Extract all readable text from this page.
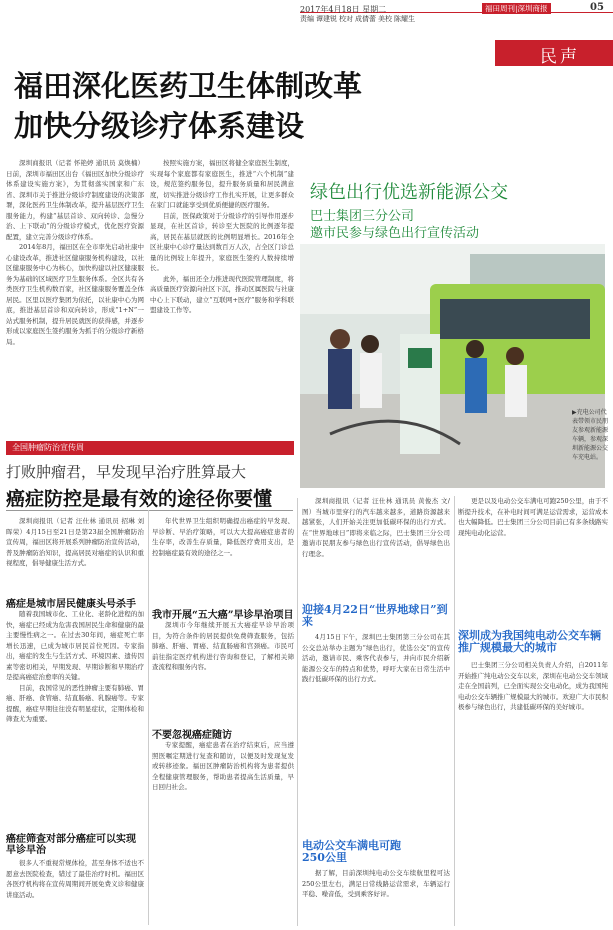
2017年4月18日 星期二
责编 谭建锐 校对 成倩蕾 美校 陈耀生
福田周刊|深圳商报	05
民声
福田深化医药卫生体制改革
加快分级诊疗体系建设

深圳商报讯（记者 怀艳婷 通讯员 莫焕楠）日前，深圳市福田区出台《福田区加快分级诊疗体系建设实施方案》，为贯彻落实国家和广东省、深圳市关于推进分级诊疗制度建设的决策部署，深化医药卫生体制改革，提升基层医疗卫生服务能力，构建“基层首诊、双向转诊、急慢分治、上下联动”的分级诊疗模式，优化医疗资源配置，建立完善分级诊疗体系。

2014年8月，福田区在全市率先启动社康中心建设改革，推进社区健康服务机构建设，以社区健康服务中心为核心，加快构建以社区健康服务为基础的区域医疗卫生服务体系。全区共有各类医疗卫生机构数百家，社区健康服务覆盖全体居民。区里以医疗集团为依托，以社康中心为网底，推进基层首诊和双向转诊，形成“1+N”一站式服务机制，提升居民就医的获得感，并逐步形成以家庭医生签约服务为抓手的分级诊疗新格局。

按照实施方案，福田区将健全家庭医生制度，实现每个家庭都有家庭医生，推进“六个机制”建设，规范签约服务包，提升服务质量和居民满意度，切实推进分级诊疗工作扎实开展，让更多群众在家门口就能享受到优质便捷的医疗服务。

目前，医保政策对于分级诊疗的引导作用逐步显现，在社区首诊，转诊至大医院的比例逐年提高，居民在基层就医的比例明显增长。2016年全区社康中心诊疗量达到数百万人次，占全区门诊总量的比例较上年提升，家庭医生签约人数持续增长。

此外，福田还全力推进现代医院管理制度，将高质量医疗资源向社区下沉，推动区属医院与社康中心上下联动，建立“互联网+医疗”服务和学科联盟建设工作等。

绿色出行优选新能源公交
巴士集团三分公司
邀市民参与绿色出行宣传活动
▶充电公司代表带领市民朋友参观新能源车辆，参观深圳新能源公交车充电站。
全国肿瘤防治宣传周
打败肿瘤君，早发现早治疗胜算最大
癌症防控是最有效的途径你要懂

深圳商报讯（记者 汪仕林 通讯员 招琳 刘晖荣）4月15日至21日是第23届全国肿瘤防治宣传周，福田区将开展系列肿瘤防治宣传活动，普及肿瘤防治知识，提高居民对癌症的认识和重视程度，倡导健康生活方式。

癌症是城市居民健康头号杀手

随着我国城市化、工业化、老龄化进程的加快，癌症已经成为危害我国居民生命和健康的最主要慢性病之一。在过去30年间，癌症死亡率增长迅速，已成为城市居民首位死因。专家指出，癌症的发生与生活方式、环境因素、遗传因素等密切相关，早期发现、早期诊断和早期治疗是提高癌症治愈率的关键。

目前，我国常见的恶性肿瘤主要有肺癌、胃癌、肝癌、食管癌、结直肠癌、乳腺癌等。专家提醒，癌症早期往往没有明显症状，定期体检和筛查尤为重要。

癌症筛查对部分癌症可以实现早诊早治

很多人不重视常规体检，甚至身体不适也不愿意去医院检查，错过了最佳治疗时机。福田区各医疗机构将在宣传周期间开展免费义诊和健康讲座活动。

年代世界卫生组织明确提出癌症的早发现、早诊断、早治疗策略，可以大大提高癌症患者的生存率，改善生存质量，降低医疗费用支出，是控制癌症最有效的途径之一。

我市开展“五大癌”早诊早治项目

深圳市今年继续开展五大癌症早诊早治项目，为符合条件的居民提供免费筛查服务，包括肺癌、肝癌、胃癌、结直肠癌和宫颈癌。市民可前往指定医疗机构进行咨询和登记，了解相关筛查流程和服务内容。

不要忽视癌症随访

专家提醒，癌症患者在治疗结束后，应当遵照医嘱定期进行复查和随访，以便及时发现复发或转移迹象。福田区肿瘤防治机构将为患者提供全程健康管理服务，帮助患者提高生活质量，早日回归社会。

深圳商报讯（记者 汪仕林 通讯员 黄俊杰 文/图）当城市里穿行的汽车越来越多，道路资源越来越紧张，人们开始关注更加低碳环保的出行方式。在“世界地球日”即将来临之际，巴士集团三分公司邀请市民朋友参与绿色出行宣传活动，倡导绿色出行理念。

迎接4月22日“世界地球日”到来

4月15日下午，深圳巴士集团第三分公司在其公交总站举办主题为“绿色出行，优选公交”的宣传活动，邀请市民、乘客代表参与，并向市民介绍新能源公交车的特点和优势，呼吁大家在日常生活中践行低碳环保的出行方式。

电动公交车满电可跑250公里

据了解，目前深圳纯电动公交车续航里程可达250公里左右，满足日常线路运营需求，车辆运行平稳、噪音低，受到乘客好评。

更是以及电动公交车满电可跑250公里，由于不断提升技术，在补电时间可满足运营需求，运营成本也大幅降低。巴士集团三分公司目前已有多条线路实现纯电动化运营。

深圳成为我国纯电动公交车辆推广规模最大的城市

巴士集团三分公司相关负责人介绍，自2011年开始推广纯电动公交车以来，深圳在电动公交车领域走在全国前列，已全面实现公交电动化，成为我国纯电动公交车辆推广规模最大的城市。欢迎广大市民积极参与绿色出行，共建低碳环保的美好城市。
